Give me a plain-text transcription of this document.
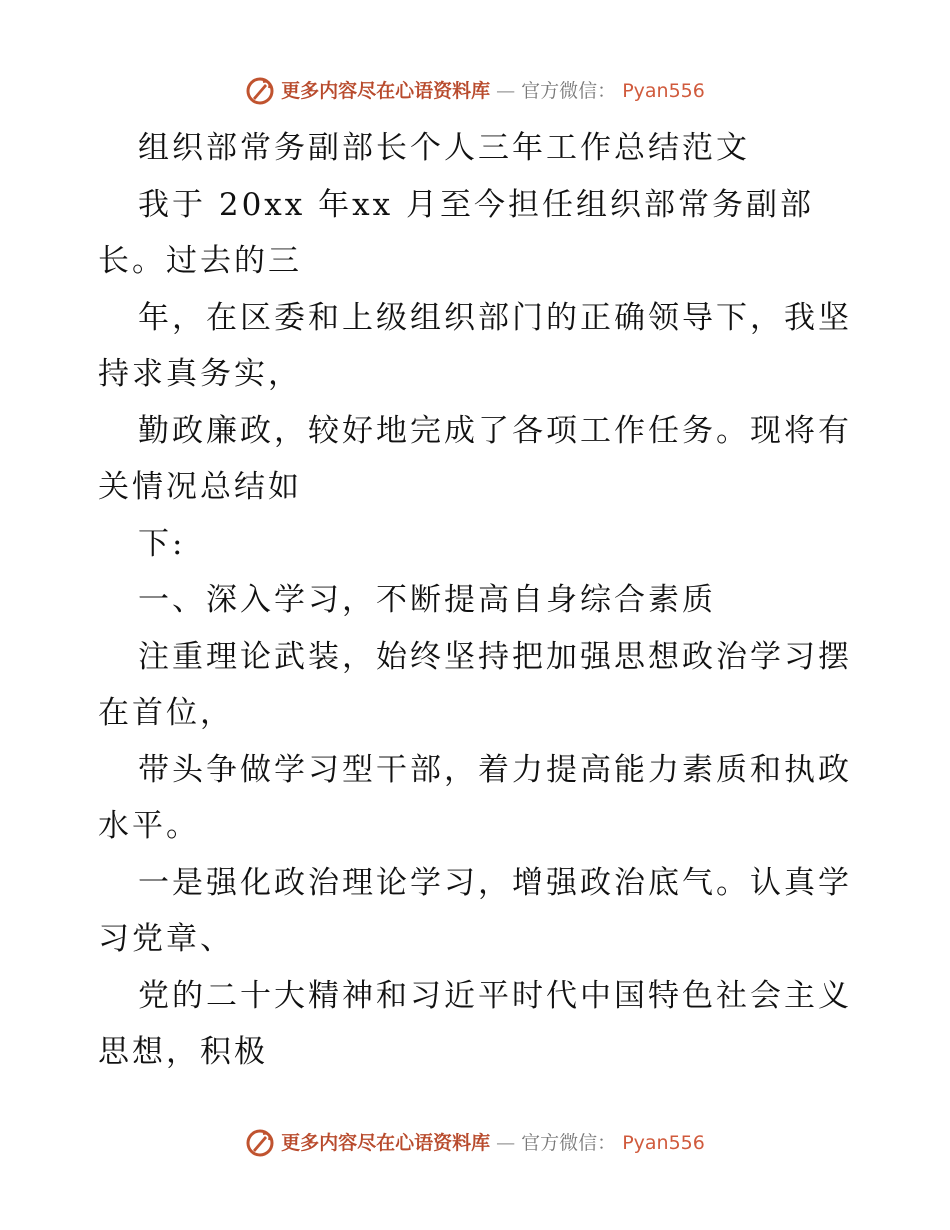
更多内容尽在心语资料库 — 官方微信： Pyan556

组织部常务副部长个人三年工作总结范文

我于 20xx 年xx 月至今担任组织部常务副部长。过去的三

年，在区委和上级组织部门的正确领导下，我坚持求真务实，

勤政廉政，较好地完成了各项工作任务。现将有关情况总结如

下:

一、深入学习，不断提高自身综合素质

注重理论武装，始终坚持把加强思想政治学习摆在首位，

带头争做学习型干部，着力提高能力素质和执政水平。

一是强化政治理论学习，增强政治底气。认真学习党章、

党的二十大精神和习近平时代中国特色社会主义思想，积极

更多内容尽在心语资料库 — 官方微信： Pyan556
